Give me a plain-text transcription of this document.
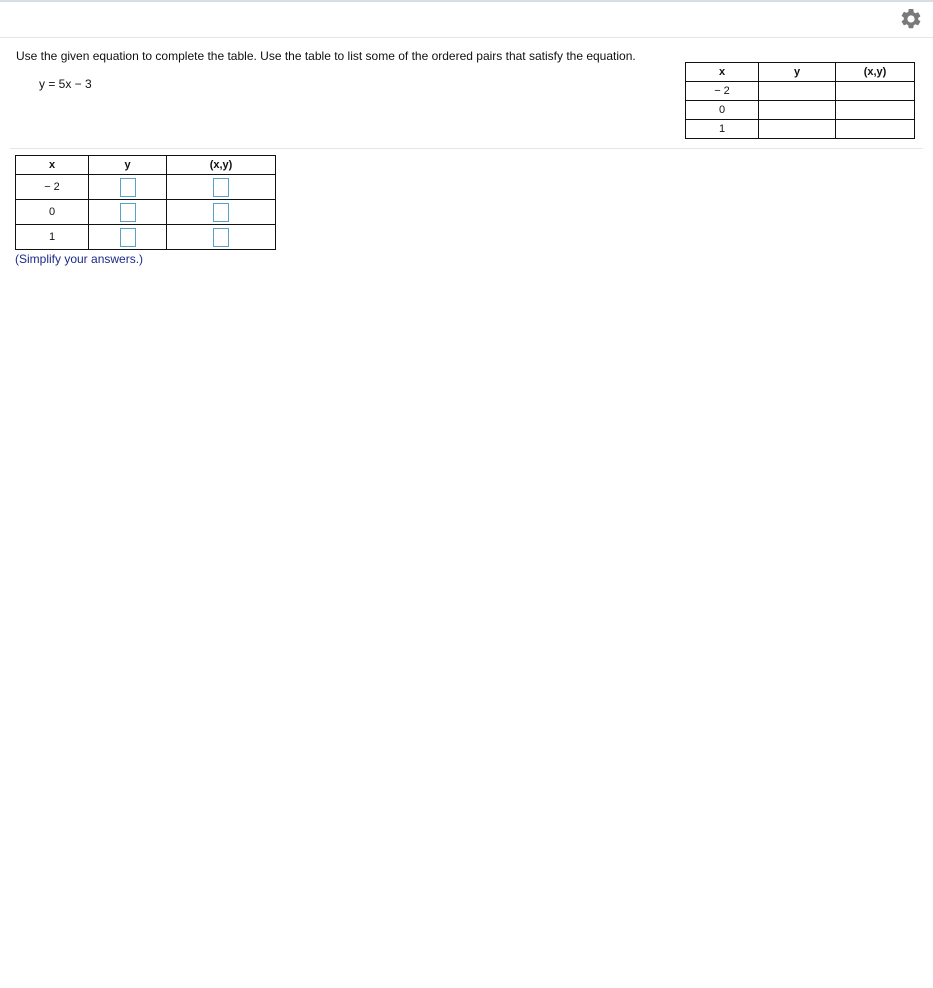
Use the given equation to complete the table. Use the table to list some of the ordered pairs that satisfy the equation.
y = 5x − 3
x	y	(x,y)
− 2		
0		
1		
x	y	(x,y)
− 2		
0		
1		
(Simplify your answers.)
